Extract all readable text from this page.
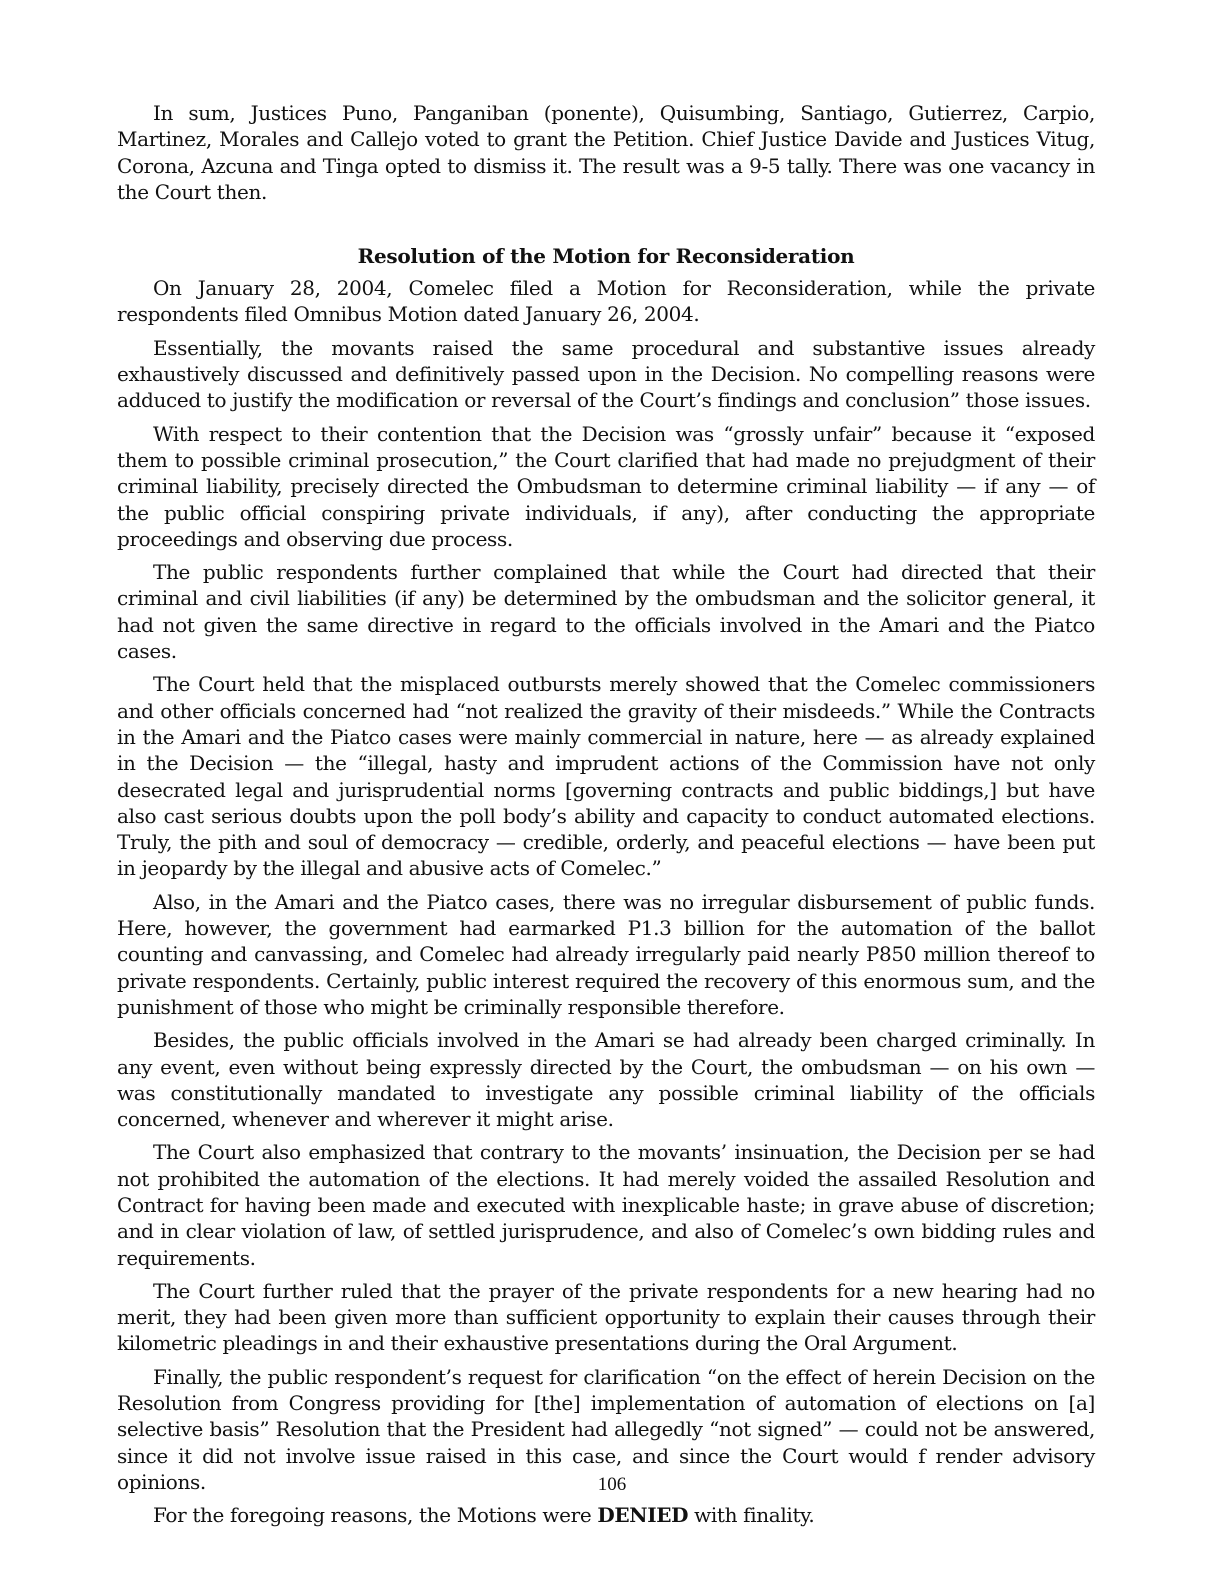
In sum, Justices Puno, Panganiban (ponente), Quisumbing, Santiago, Gutierrez, Carpio, Martinez, Morales and Callejo voted to grant the Petition. Chief Justice Davide and Justices Vitug, Corona, Azcuna and Tinga opted to dismiss it. The result was a 9-5 tally. There was one vacancy in the Court then.

Resolution of the Motion for Reconsideration

On January 28, 2004, Comelec filed a Motion for Reconsideration, while the private respondents filed Omnibus Motion dated January 26, 2004.

Essentially, the movants raised the same procedural and substantive issues already exhaustively discussed and definitively passed upon in the Decision. No compelling reasons were adduced to justify the modification or reversal of the Court’s findings and conclusion” those issues.

With respect to their contention that the Decision was “grossly unfair” because it “exposed them to possible criminal prosecution,” the Court clarified that had made no prejudgment of their criminal liability, precisely directed the Ombudsman to determine criminal liability — if any — of the public official conspiring private individuals, if any), after conducting the appropriate proceedings and observing due process.

The public respondents further complained that while the Court had directed that their criminal and civil liabilities (if any) be determined by the ombudsman and the solicitor general, it had not given the same directive in regard to the officials involved in the Amari and the Piatco cases.

The Court held that the misplaced outbursts merely showed that the Comelec commissioners and other officials concerned had “not realized the gravity of their misdeeds.” While the Contracts in the Amari and the Piatco cases were mainly commercial in nature, here — as already explained in the Decision — the “illegal, hasty and imprudent actions of the Commission have not only desecrated legal and jurisprudential norms [governing contracts and public biddings,] but have also cast serious doubts upon the poll body’s ability and capacity to conduct automated elections. Truly, the pith and soul of democracy — credible, orderly, and peaceful elections — have been put in jeopardy by the illegal and abusive acts of Comelec.”

Also, in the Amari and the Piatco cases, there was no irregular disbursement of public funds. Here, however, the government had earmarked P1.3 billion for the automation of the ballot counting and canvassing, and Comelec had already irregularly paid nearly P850 million thereof to private respondents. Certainly, public interest required the recovery of this enormous sum, and the punishment of those who might be criminally responsible therefore.

Besides, the public officials involved in the Amari se had already been charged criminally. In any event, even without being expressly directed by the Court, the ombudsman — on his own — was constitutionally mandated to investigate any possible criminal liability of the officials concerned, whenever and wherever it might arise.

The Court also emphasized that contrary to the movants’ insinuation, the Decision per se had not prohibited the automation of the elections. It had merely voided the assailed Resolution and Contract for having been made and executed with inexplicable haste; in grave abuse of discretion; and in clear violation of law, of settled jurisprudence, and also of Comelec’s own bidding rules and requirements.

The Court further ruled that the prayer of the private respondents for a new hearing had no merit, they had been given more than sufficient opportunity to explain their causes through their kilometric pleadings in and their exhaustive presentations during the Oral Argument.

Finally, the public respondent’s request for clarification “on the effect of herein Decision on the Resolution from Congress providing for [the] implementation of automation of elections on [a] selective basis” Resolution that the President had allegedly “not signed” — could not be answered, since it did not involve issue raised in this case, and since the Court would f render advisory opinions.

For the foregoing reasons, the Motions were DENIED with finality.

106
